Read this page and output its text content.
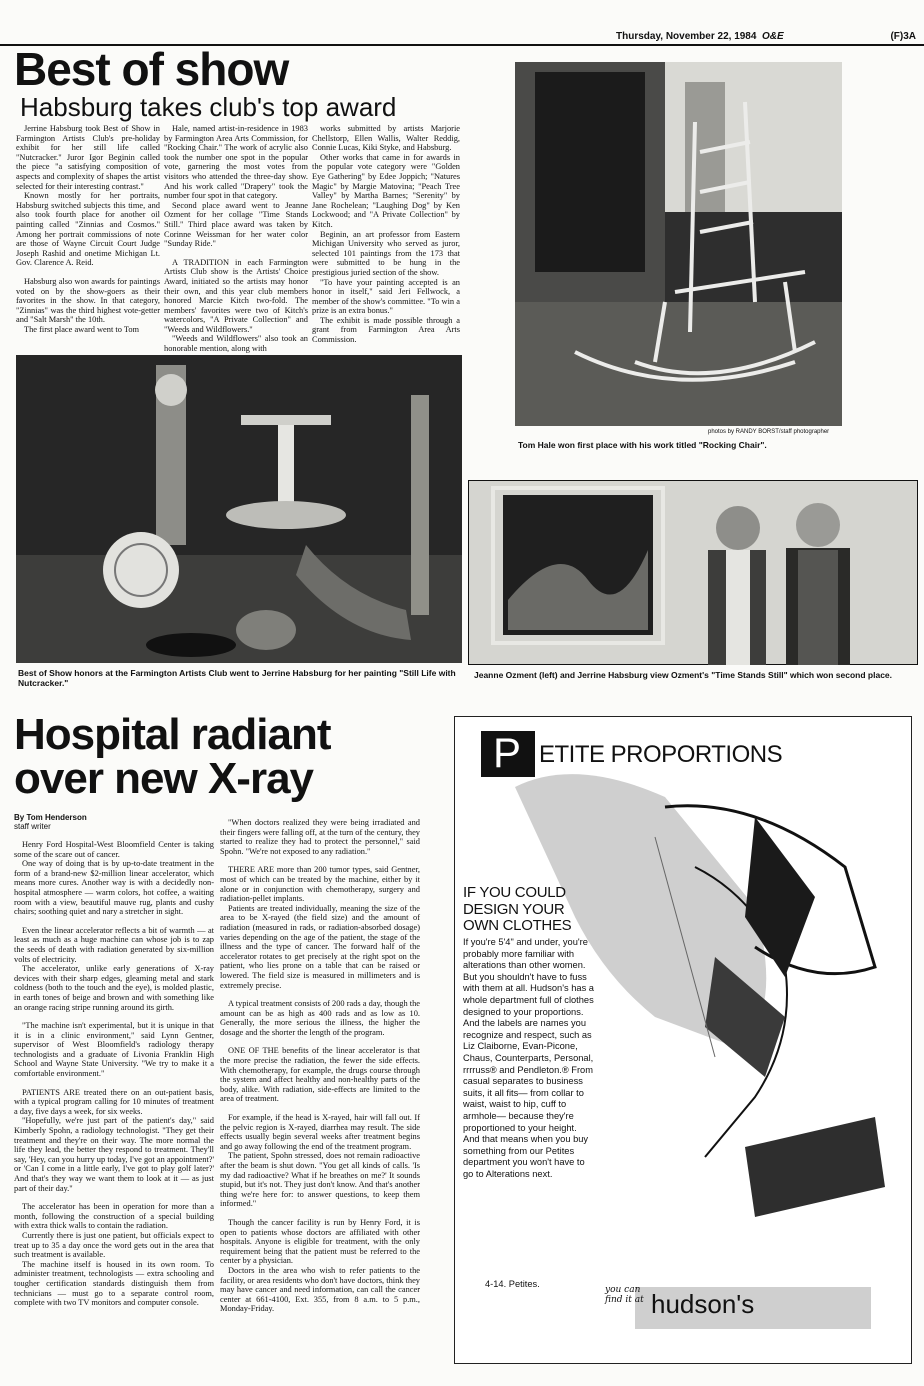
Thursday, November 22, 1984 O&E	(F)3A
Best of show
Habsburg takes club's top award

Jerrine Habsburg took Best of Show in Farmington Artists Club's pre-holiday exhibit for her still life called "Nutcracker." Juror Igor Beginin called the piece "a satisfying composition of aspects and complexity of shapes the artist selected for their interesting contrast."

Known mostly for her portraits, Habsburg switched subjects this time, and also took fourth place for another oil painting called "Zinnias and Cosmos." Among her portrait commissions of note are those of Wayne Circuit Court Judge Joseph Rashid and onetime Michigan Lt. Gov. Clarence A. Reid.

Habsburg also won awards for paintings voted on by the show-goers as their favorites in the show. In that category, "Zinnias" was the third highest vote-getter and "Salt Marsh" the 10th.

The first place award went to Tom

Hale, named artist-in-residence in 1983 by Farmington Area Arts Commission, for "Rocking Chair." The work of acrylic also took the number one spot in the popular vote, garnering the most votes from visitors who attended the three-day show. And his work called "Drapery" took the number four spot in that category.

Second place award went to Jeanne Ozment for her collage "Time Stands Still." Third place award was taken by Corinne Weissman for her water color "Sunday Ride."

A TRADITION in each Farmington Artists Club show is the Artists' Choice Award, initiated so the artists may honor their own, and this year club members honored Marcie Kitch two-fold. The members' favorites were two of Kitch's watercolors, "A Private Collection" and "Weeds and Wildflowers."

"Weeds and Wildflowers" also took an honorable mention, along with

works submitted by artists Marjorie Chellstorp, Ellen Wallis, Walter Reddig, Connie Lucas, Kiki Styke, and Habsburg.

Other works that came in for awards in the popular vote category were "Golden Eye Gathering" by Edee Joppich; "Natures Magic" by Margie Matovina; "Peach Tree Valley" by Martha Barnes; "Serenity" by Jane Rochelean; "Laughing Dog" by Ken Lockwood; and "A Private Collection" by Kitch.

Beginin, an art professor from Eastern Michigan University who served as juror, selected 101 paintings from the 173 that were submitted to be hung in the prestigious juried section of the show.

"To have your painting accepted is an honor in itself," said Jeri Fellwock, a member of the show's committee. "To win a prize is an extra bonus."

The exhibit is made possible through a grant from Farmington Area Arts Commission.

photos by RANDY BORST/staff photographer
Tom Hale won first place with his work titled "Rocking Chair".
Best of Show honors at the Farmington Artists Club went to Jerrine Habsburg for her painting "Still Life with Nutcracker."
Jeanne Ozment (left) and Jerrine Habsburg view Ozment's "Time Stands Still" which won second place.
Hospital radiant
over new X-ray
By Tom Henderson
staff writer

Henry Ford Hospital-West Bloomfield Center is taking some of the scare out of cancer.

One way of doing that is by up-to-date treatment in the form of a brand-new $2-million linear accelerator, which means more cures. Another way is with a decidedly non-hospital atmosphere — warm colors, hot coffee, a waiting room with a view, beautiful mauve rug, plants and cushy chairs; soothing quiet and nary a stretcher in sight.

Even the linear accelerator reflects a bit of warmth — at least as much as a huge machine can whose job is to zap the seeds of death with radiation generated by six-million volts of electricity.

The accelerator, unlike early generations of X-ray devices with their sharp edges, gleaming metal and stark coldness (both to the touch and the eye), is molded plastic, in earth tones of beige and brown and with something like an orange racing stripe running around its girth.

"The machine isn't experimental, but it is unique in that it is in a clinic environment," said Lynn Gentner, supervisor of West Bloomfield's radiology therapy technologists and a graduate of Livonia Franklin High School and Wayne State University. "We try to make it a comfortable environment."

PATIENTS ARE treated there on an out-patient basis, with a typical program calling for 10 minutes of treatment a day, five days a week, for six weeks.

"Hopefully, we're just part of the patient's day," said Kimberly Spohn, a radiology technologist. "They get their treatment and they're on their way. The more normal the life they lead, the better they respond to treatment. They'll say, 'Hey, can you hurry up today, I've got an appointment?' or 'Can I come in a little early, I've got to play golf later?' And that's they way we want them to look at it — as just part of their day."

The accelerator has been in operation for more than a month, following the construction of a special building with extra thick walls to contain the radiation.

Currently there is just one patient, but officials expect to treat up to 35 a day once the word gets out in the area that such treatment is available.

The machine itself is housed in its own room. To administer treatment, technologists — extra schooling and tougher certification standards distinguish them from technicians — must go to a separate control room, complete with two TV monitors and computer console.

"When doctors realized they were being irradiated and their fingers were falling off, at the turn of the century, they started to realize they had to protect the personnel," said Spohn. "We're not exposed to any radiation."

THERE ARE more than 200 tumor types, said Gentner, most of which can be treated by the machine, either by it alone or in conjunction with chemotherapy, surgery and radiation-pellet implants.

Patients are treated individually, meaning the size of the area to be X-rayed (the field size) and the amount of radiation (measured in rads, or radiation-absorbed dosage) varies depending on the age of the patient, the stage of the illness and the type of cancer. The forward half of the accelerator rotates to get precisely at the right spot on the patient, who lies prone on a table that can be raised or lowered. The field size is measured in millimeters and is extremely precise.

A typical treatment consists of 200 rads a day, though the amount can be as high as 400 rads and as low as 10. Generally, the more serious the illness, the higher the dosage and the shorter the length of the program.

ONE OF THE benefits of the linear accelerator is that the more precise the radiation, the fewer the side effects. With chemotherapy, for example, the drugs course through the system and affect healthy and non-healthy parts of the body, alike. With radiation, side-effects are limited to the area of treatment.

For example, if the head is X-rayed, hair will fall out. If the pelvic region is X-rayed, diarrhea may result. The side effects usually begin several weeks after treatment begins and go away following the end of the treatment program.

The patient, Spohn stressed, does not remain radioactive after the beam is shut down. "You get all kinds of calls. 'Is my dad radioactive? What if he breathes on me?' It sounds stupid, but it's not. They just don't know. And that's another thing we're here for: to answer questions, to keep them informed."

Though the cancer facility is run by Henry Ford, it is open to patients whose doctors are affiliated with other hospitals. Anyone is eligible for treatment, with the only requirement being that the patient must be referred to the center by a physician.

Doctors in the area who wish to refer patients to the facility, or area residents who don't have doctors, think they may have cancer and need information, can call the cancer center at 661-4100, Ext. 355, from 8 a.m. to 5 p.m., Monday-Friday.

P ETITE PROPORTIONS
IF YOU COULD
DESIGN YOUR
OWN CLOTHES
If you're 5'4" and under, you're probably more familiar with alterations than other women. But you shouldn't have to fuss with them at all. Hudson's has a whole department full of clothes designed to your proportions. And the labels are names you recognize and respect, such as Liz Claiborne, Evan-Picone, Chaus, Counterparts, Personal, rrrruss® and Pendleton.® From casual separates to business suits, it all fits— from collar to waist, waist to hip, cuff to armhole— because they're proportioned to your height. And that means when you buy something from our Petites department you won't have to go to Alterations next.
4-14. Petites.
you can find it at hudson's
